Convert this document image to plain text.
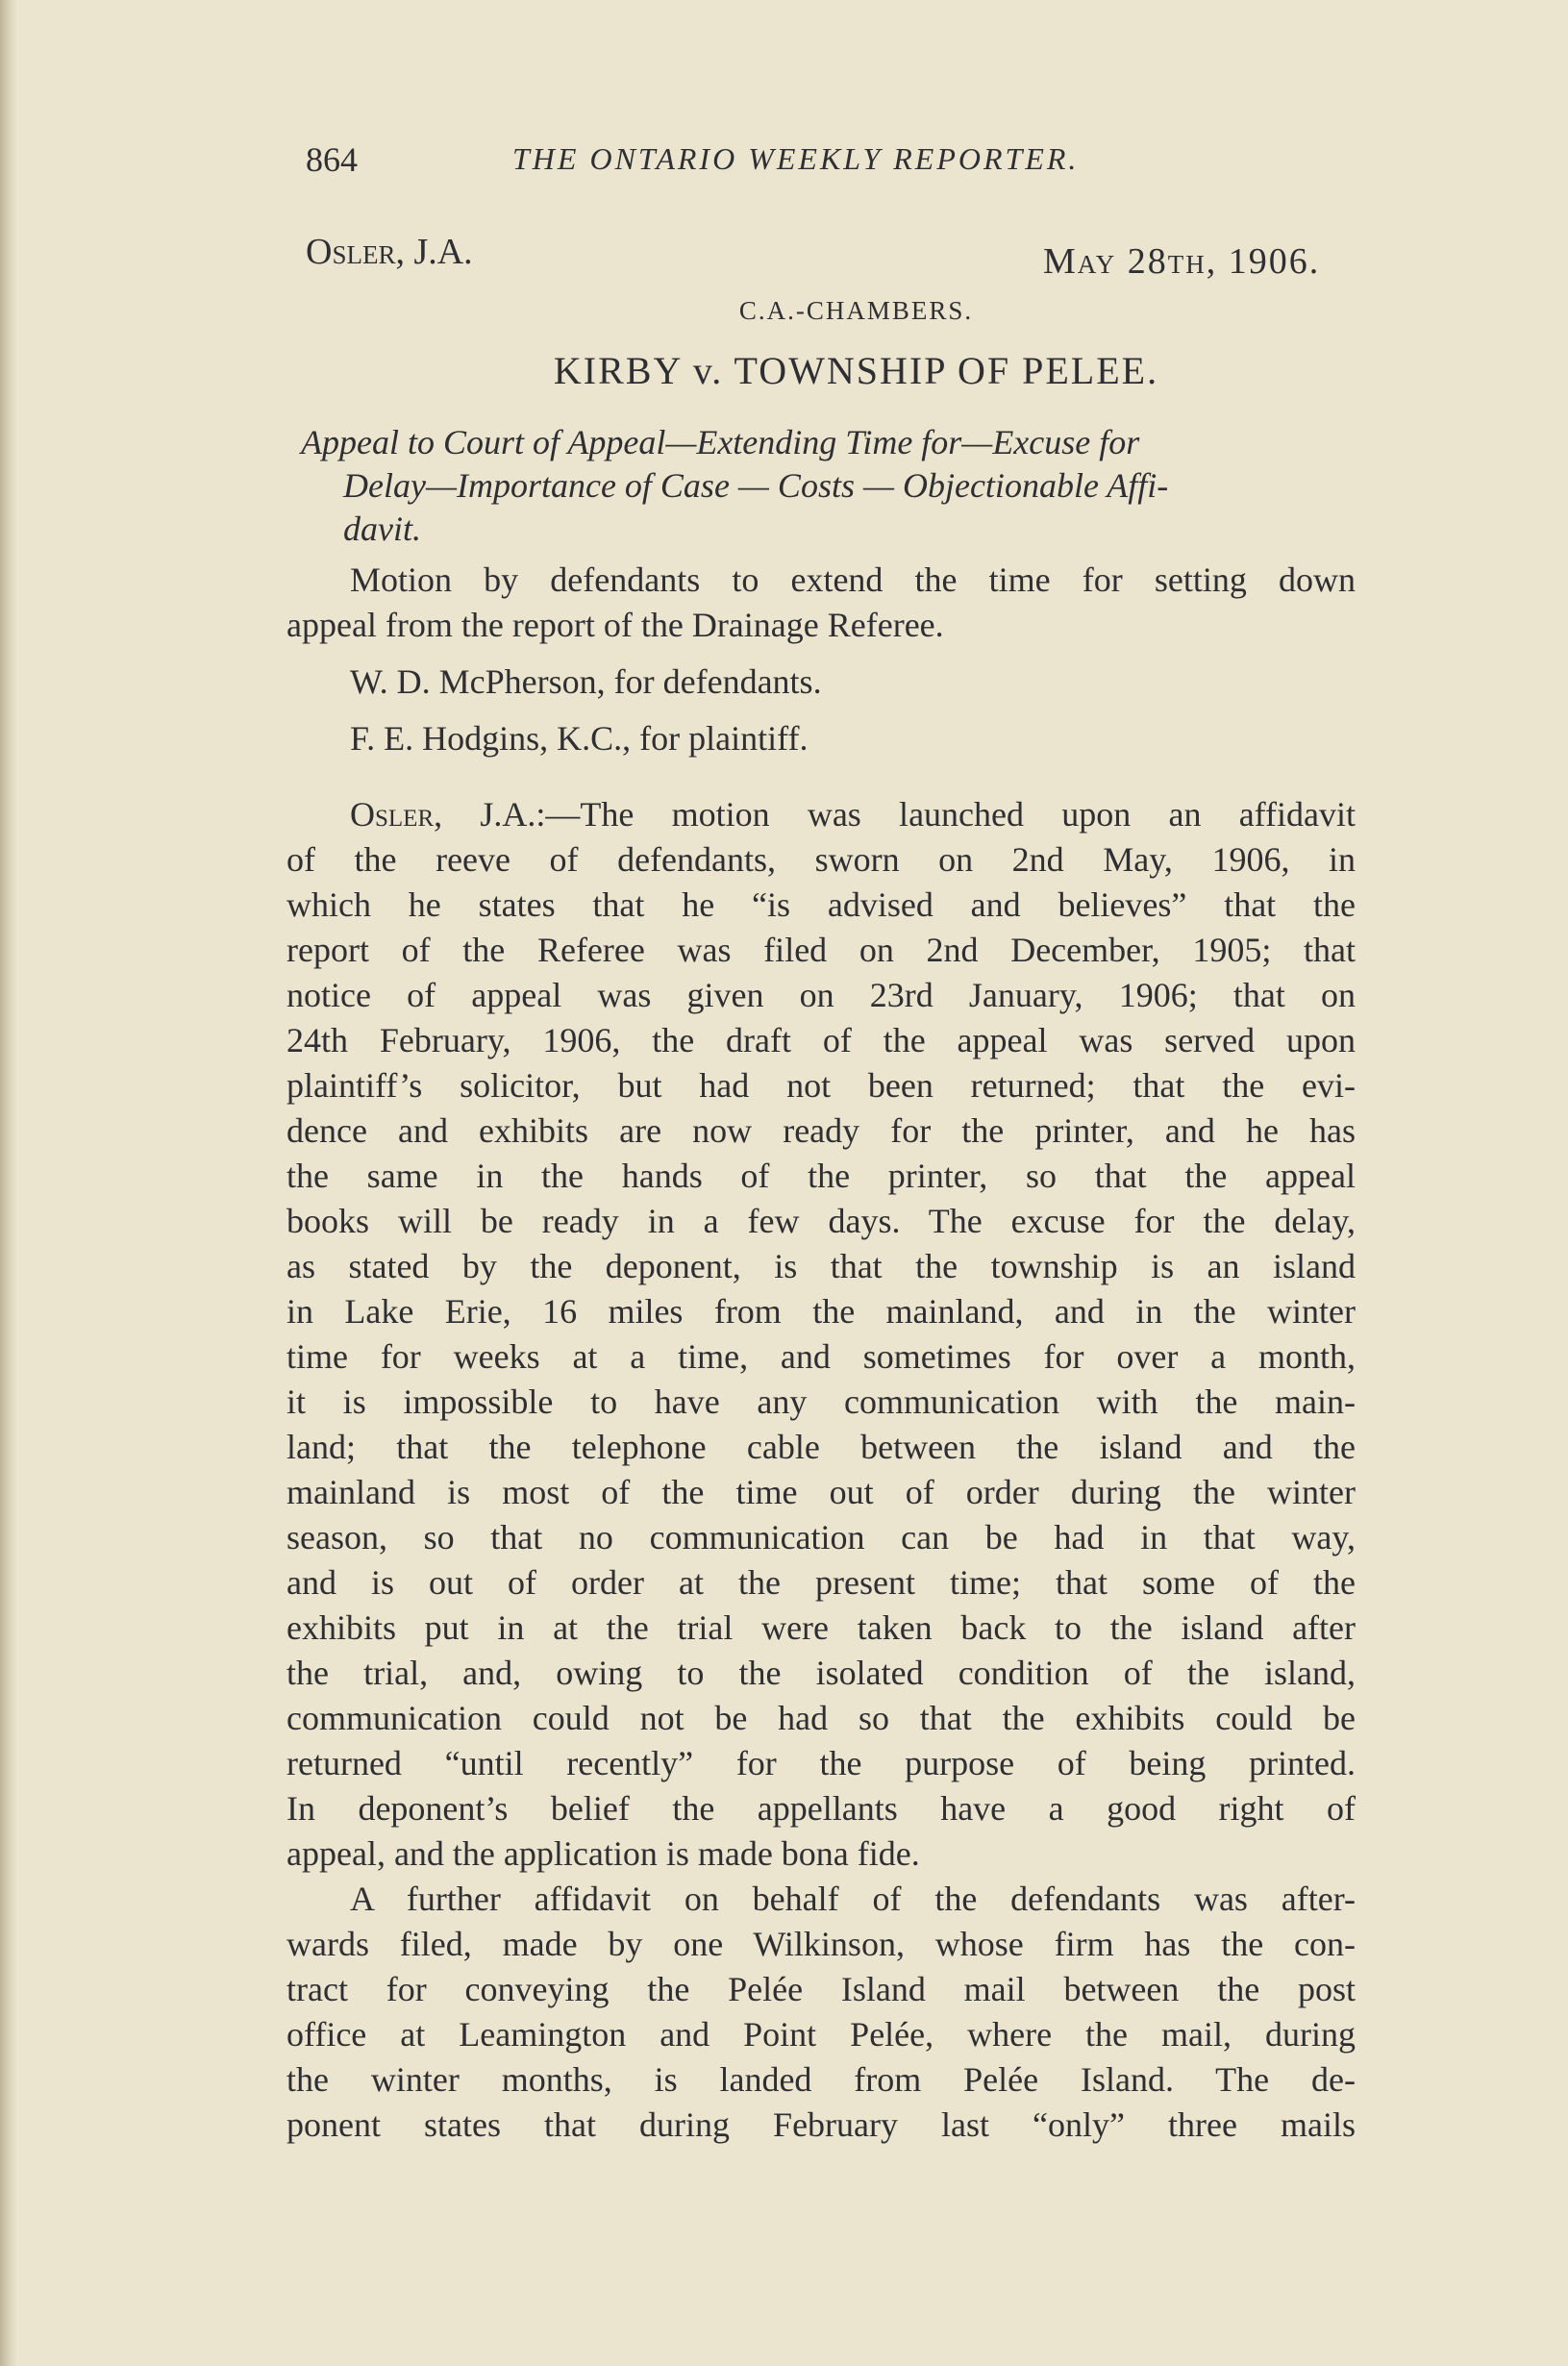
864	THE ONTARIO WEEKLY REPORTER.
Osler, J.A.	May 28th, 1906.
C.A.-CHAMBERS.
KIRBY v. TOWNSHIP OF PELEE.
Appeal to Court of Appeal—Extending Time for—Excuse for
Delay—Importance of Case — Costs — Objectionable Affi-
davit.
Motion by defendants to extend the time for setting down
appeal from the report of the Drainage Referee.
W. D. McPherson, for defendants.
F. E. Hodgins, K.C., for plaintiff.
Osler, J.A.:—The motion was launched upon an affidavit
of the reeve of defendants, sworn on 2nd May, 1906, in
which he states that he “is advised and believes” that the
report of the Referee was filed on 2nd December, 1905; that
notice of appeal was given on 23rd January, 1906; that on
24th February, 1906, the draft of the appeal was served upon
plaintiff’s solicitor, but had not been returned; that the evi-
dence and exhibits are now ready for the printer, and he has
the same in the hands of the printer, so that the appeal
books will be ready in a few days. The excuse for the delay,
as stated by the deponent, is that the township is an island
in Lake Erie, 16 miles from the mainland, and in the winter
time for weeks at a time, and sometimes for over a month,
it is impossible to have any communication with the main-
land; that the telephone cable between the island and the
mainland is most of the time out of order during the winter
season, so that no communication can be had in that way,
and is out of order at the present time; that some of the
exhibits put in at the trial were taken back to the island after
the trial, and, owing to the isolated condition of the island,
communication could not be had so that the exhibits could be
returned “until recently” for the purpose of being printed.
In deponent’s belief the appellants have a good right of
appeal, and the application is made bona fide.
A further affidavit on behalf of the defendants was after-
wards filed, made by one Wilkinson, whose firm has the con-
tract for conveying the Pelée Island mail between the post
office at Leamington and Point Pelée, where the mail, during
the winter months, is landed from Pelée Island. The de-
ponent states that during February last “only” three mails
